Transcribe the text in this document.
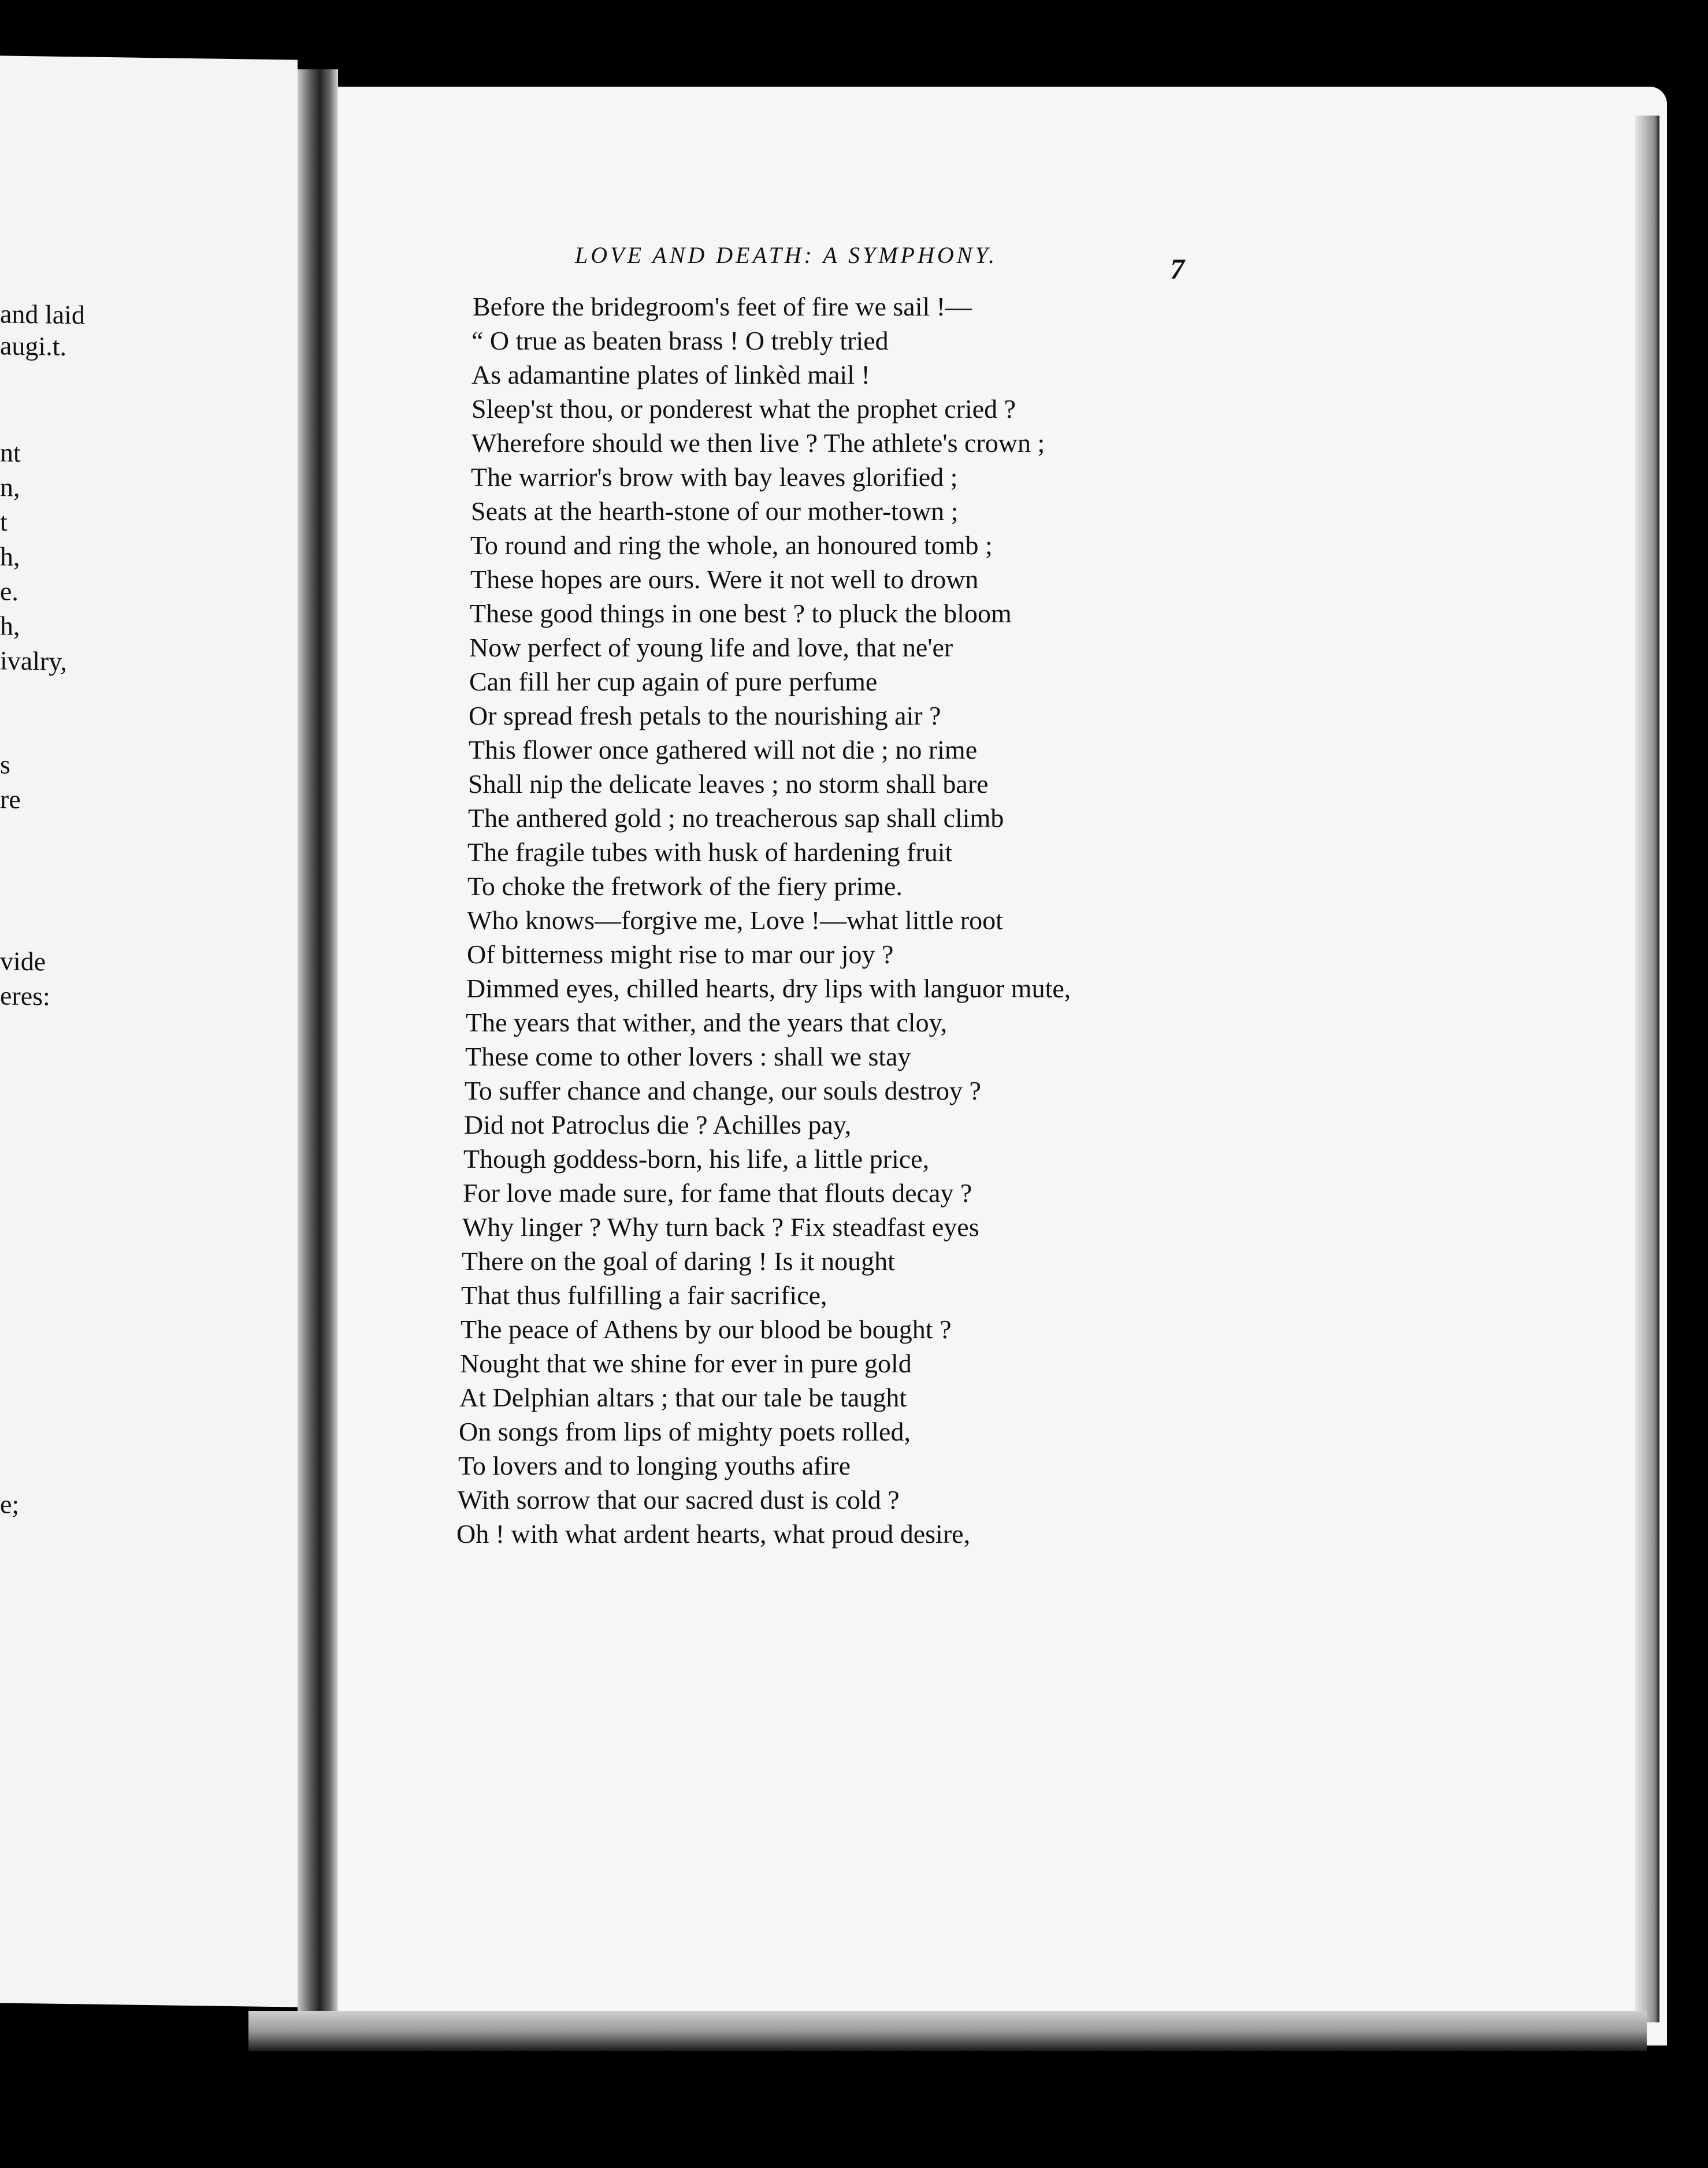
and laid
augi.t.
nt
n,
t
h,
e.
h,
ivalry,
s
re
vide
eres:
e;
LOVE AND DEATH: A SYMPHONY.	7
Before the bridegroom's feet of fire we sail !—
“ O true as beaten brass ! O trebly tried
As adamantine plates of linkèd mail !
Sleep'st thou, or ponderest what the prophet cried ?
Wherefore should we then live ? The athlete's crown ;
The warrior's brow with bay leaves glorified ;
Seats at the hearth-stone of our mother-town ;
To round and ring the whole, an honoured tomb ;
These hopes are ours. Were it not well to drown
These good things in one best ? to pluck the bloom
Now perfect of young life and love, that ne'er
Can fill her cup again of pure perfume
Or spread fresh petals to the nourishing air ?
This flower once gathered will not die ; no rime
Shall nip the delicate leaves ; no storm shall bare
The anthered gold ; no treacherous sap shall climb
The fragile tubes with husk of hardening fruit
To choke the fretwork of the fiery prime.
Who knows—forgive me, Love !—what little root
Of bitterness might rise to mar our joy ?
Dimmed eyes, chilled hearts, dry lips with languor mute,
The years that wither, and the years that cloy,
These come to other lovers : shall we stay
To suffer chance and change, our souls destroy ?
Did not Patroclus die ? Achilles pay,
Though goddess-born, his life, a little price,
For love made sure, for fame that flouts decay ?
Why linger ? Why turn back ? Fix steadfast eyes
There on the goal of daring ! Is it nought
That thus fulfilling a fair sacrifice,
The peace of Athens by our blood be bought ?
Nought that we shine for ever in pure gold
At Delphian altars ; that our tale be taught
On songs from lips of mighty poets rolled,
To lovers and to longing youths afire
With sorrow that our sacred dust is cold ?
Oh ! with what ardent hearts, what proud desire,
